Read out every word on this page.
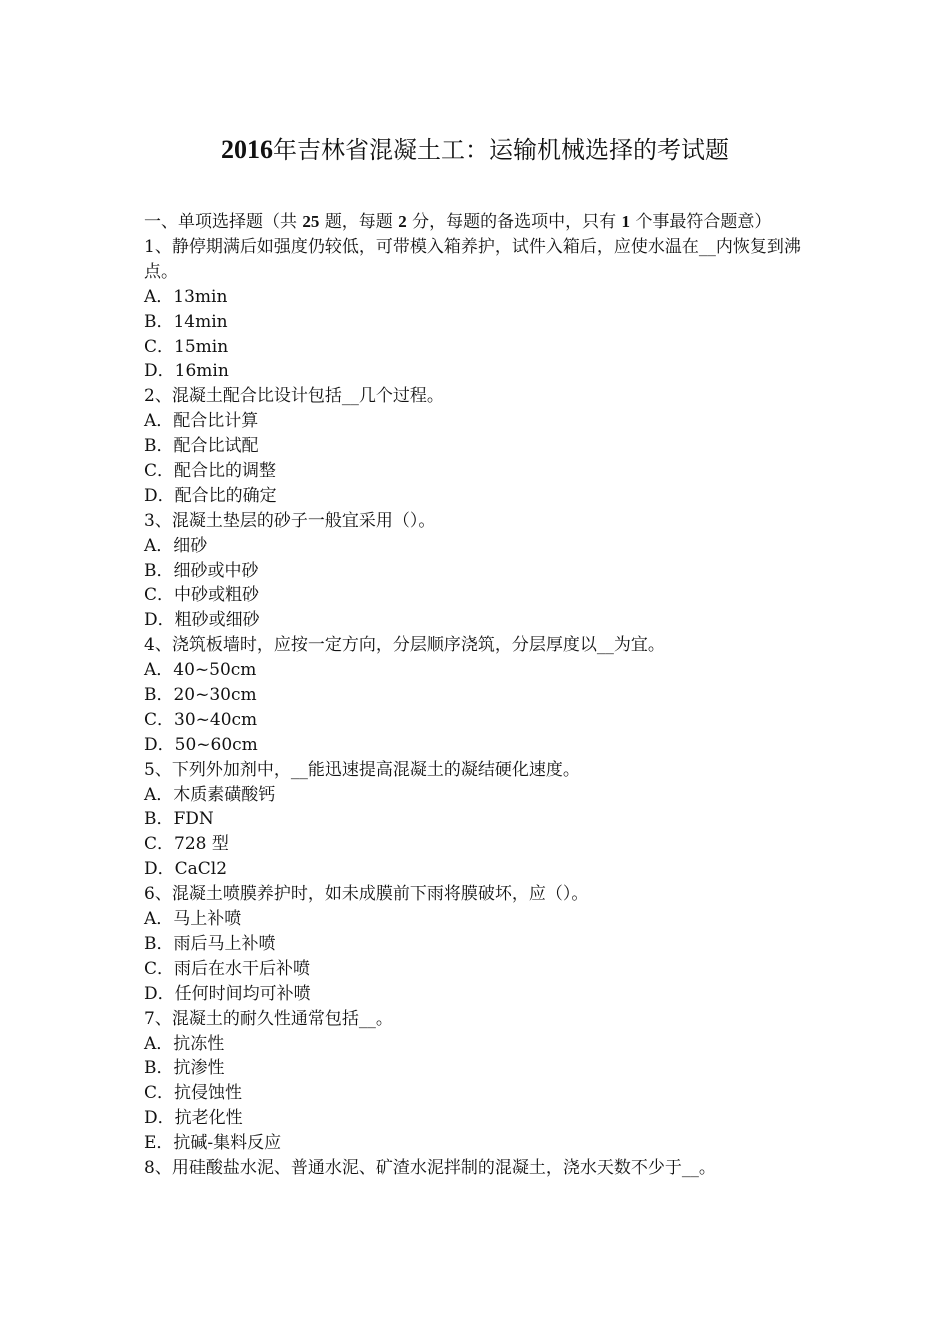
2016年吉林省混凝土工：运输机械选择的考试题
一、单项选择题（共 25 题，每题 2 分，每题的备选项中，只有 1 个事最符合题意）
1、静停期满后如强度仍较低，可带模入箱养护，试件入箱后，应使水温在__内恢复到沸点。
A．13min
B．14min
C．15min
D．16min
2、混凝土配合比设计包括__几个过程。
A．配合比计算
B．配合比试配
C．配合比的调整
D．配合比的确定
3、混凝土垫层的砂子一般宜采用（）。
A．细砂
B．细砂或中砂
C．中砂或粗砂
D．粗砂或细砂
4、浇筑板墙时，应按一定方向，分层顺序浇筑，分层厚度以__为宜。
A．40~50cm
B．20~30cm
C．30~40cm
D．50~60cm
5、下列外加剂中，__能迅速提高混凝土的凝结硬化速度。
A．木质素磺酸钙
B．FDN
C．728 型
D．CaCl2
6、混凝土喷膜养护时，如未成膜前下雨将膜破坏，应（）。
A．马上补喷
B．雨后马上补喷
C．雨后在水干后补喷
D．任何时间均可补喷
7、混凝土的耐久性通常包括__。
A．抗冻性
B．抗渗性
C．抗侵蚀性
D．抗老化性
E．抗碱-集料反应
8、用硅酸盐水泥、普通水泥、矿渣水泥拌制的混凝土，浇水天数不少于__。
